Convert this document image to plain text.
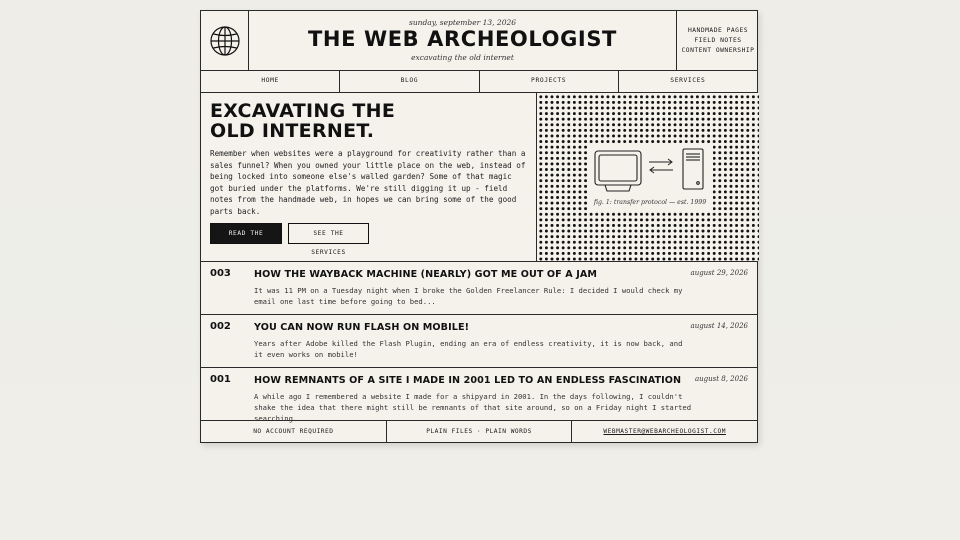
sunday, september 13, 2026
THE WEB ARCHEOLOGIST
excavating the old internet
HANDMADE PAGES
FIELD NOTES
CONTENT OWNERSHIP
HOME	BLOG	PROJECTS	SERVICES
EXCAVATING THE
OLD INTERNET.

Remember when websites were a playground for creativity rather than a sales funnel? When you owned your little place on the web, instead of being locked into someone else's walled garden? Some of that magic got buried under the platforms. We're still digging it up - field notes from the handmade web, in hopes we can bring some of the good parts back.

READ THE POSTS
SEE THE SERVICES
fig. 1: transfer protocol — est. 1999
003 HOW THE WAYBACK MACHINE (NEARLY) GOT ME OUT OF A JAM	august 29, 2026

It was 11 PM on a Tuesday night when I broke the Golden Freelancer Rule: I decided I would check my email one last time before going to bed...

002 YOU CAN NOW RUN FLASH ON MOBILE!	august 14, 2026

Years after Adobe killed the Flash Plugin, ending an era of endless creativity, it is now back, and it even works on mobile!

001 HOW REMNANTS OF A SITE I MADE IN 2001 LED TO AN ENDLESS FASCINATION august 8, 2026

A while ago I remembered a website I made for a shipyard in 2001. In the days following, I couldn't shake the idea that there might still be remnants of that site around, so on a Friday night I started searching...

NO ACCOUNT REQUIRED	PLAIN FILES · PLAIN WORDS	WEBMASTER@WEBARCHEOLOGIST.COM
